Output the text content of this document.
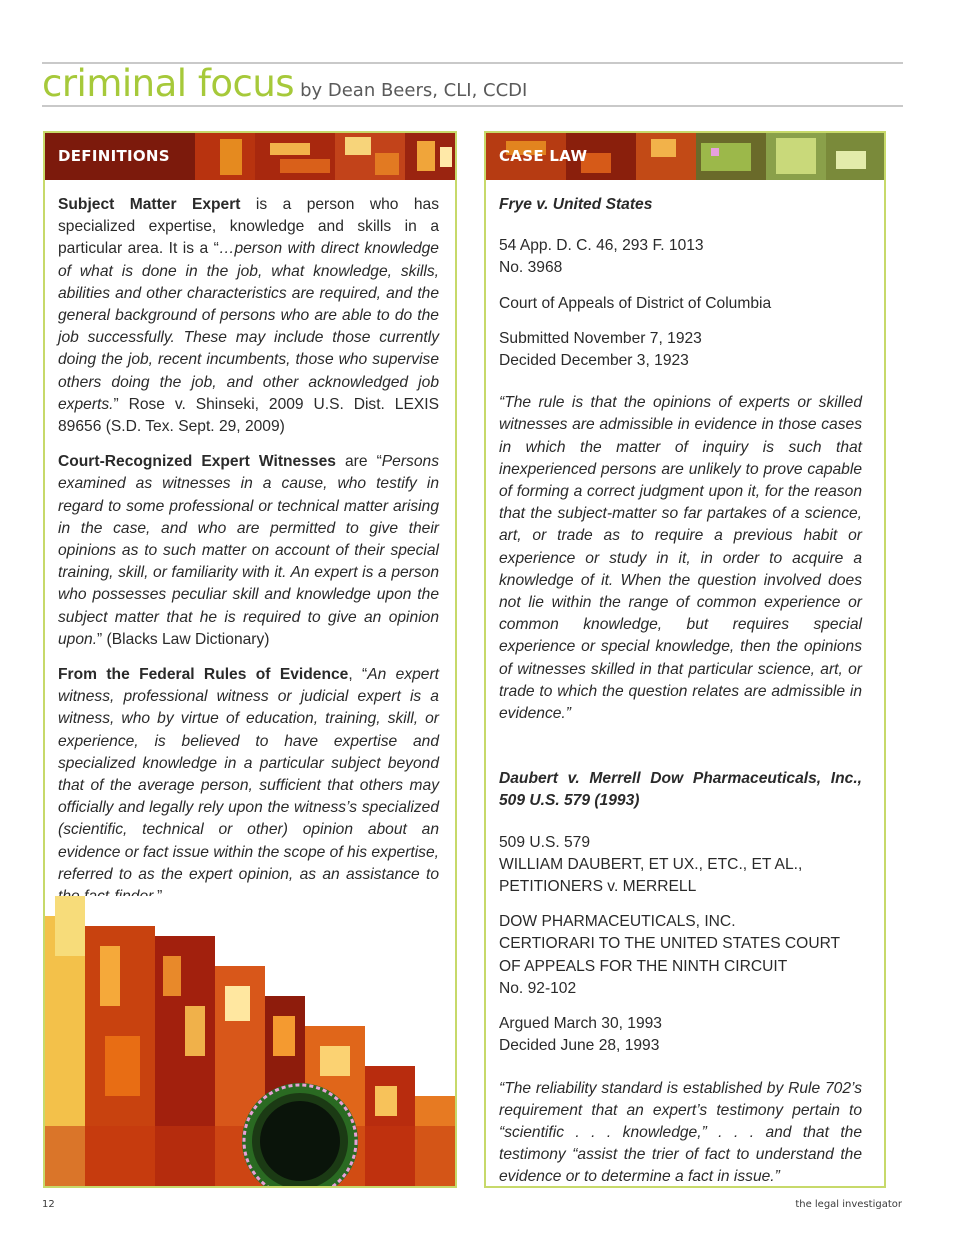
criminal focus by Dean Beers, CLI, CCDI
DEFINITIONS

Subject Matter Expert is a person who has specialized expertise, knowledge and skills in a particular area. It is a “…person with direct knowledge of what is done in the job, what knowledge, skills, abilities and other characteristics are required, and the general background of persons who are able to do the job successfully. These may include those currently doing the job, recent incumbents, those who supervise others doing the job, and other acknowledged job experts.” Rose v. Shinseki, 2009 U.S. Dist. LEXIS 89656 (S.D. Tex. Sept. 29, 2009)

Court-Recognized Expert Witnesses are “Persons examined as witnesses in a cause, who testify in regard to some professional or technical matter arising in the case, and who are permitted to give their opinions as to such matter on account of their special training, skill, or familiarity with it. An expert is a person who possesses peculiar skill and knowledge upon the subject matter that he is required to give an opinion upon.” (Blacks Law Dictionary)

From the Federal Rules of Evidence, “An expert witness, professional witness or judicial expert is a witness, who by virtue of education, training, skill, or experience, is believed to have expertise and specialized knowledge in a particular subject beyond that of the average person, sufficient that others may officially and legally rely upon the witness’s specialized (scientific, technical or other) opinion about an evidence or fact issue within the scope of his expertise, referred to as the expert opinion, as an assistance to

CASE LAW

Frye v. United States

54 App. D. C. 46, 293 F. 1013
No. 3968

Court of Appeals of District of Columbia

Submitted November 7, 1923
Decided December 3, 1923

“The rule is that the opinions of experts or skilled witnesses are admissible in evidence in those cases in which the matter of inquiry is such that inexperienced persons are unlikely to prove capable of forming a correct judgment upon it, for the reason that the subject-matter so far partakes of a science, art, or trade as to require a previous habit or experience or study in it, in order to acquire a knowledge of it. When the question involved does not lie within the range of common experience or common knowledge, but requires special experience or special knowledge, then the opinions of witnesses skilled in that particular science, art, or trade to which the question relates are admissible in evidence.”

Daubert v. Merrell Dow Pharmaceuticals, Inc., 509 U.S. 579 (1993)

509 U.S. 579
WILLIAM DAUBERT, ET UX., ETC., ET AL., PETITIONERS v. MERRELL

DOW PHARMACEUTICALS, INC.
CERTIORARI TO THE UNITED STATES COURT OF APPEALS FOR THE NINTH CIRCUIT
No. 92-102

Argued March 30, 1993
Decided June 28, 1993

“The reliability standard is established by Rule 702’s requirement that an expert’s testimony pertain to “scientific . . . knowledge,” . . . and that the testimony “assist the trier of fact to understand the evidence or to determine a fact in issue.”

12	the legal investigator
